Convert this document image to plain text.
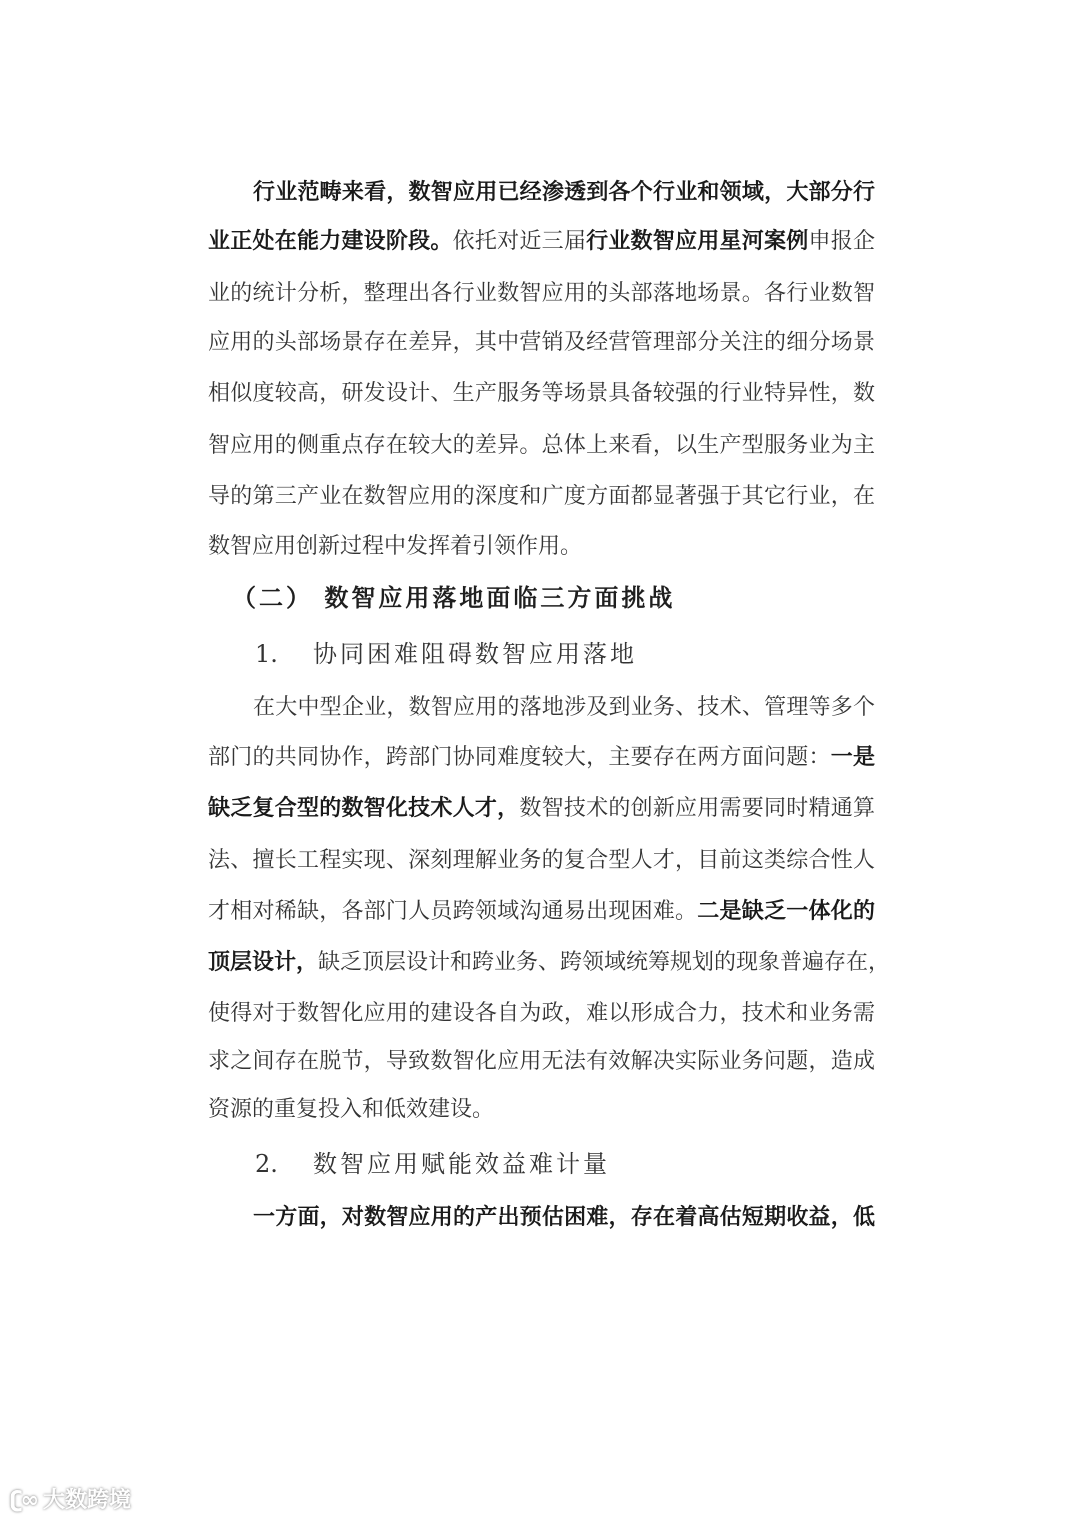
行业范畴来看，数智应用已经渗透到各个行业和领域，大部分行
业正处在能力建设阶段。依托对近三届行业数智应用星河案例申报企
业的统计分析，整理出各行业数智应用的头部落地场景。各行业数智
应用的头部场景存在差异，其中营销及经营管理部分关注的细分场景
相似度较高，研发设计、生产服务等场景具备较强的行业特异性，数
智应用的侧重点存在较大的差异。总体上来看，以生产型服务业为主
导的第三产业在数智应用的深度和广度方面都显著强于其它行业，在
数智应用创新过程中发挥着引领作用。
（二） 数智应用落地面临三方面挑战
1. 协同困难阻碍数智应用落地
在大中型企业，数智应用的落地涉及到业务、技术、管理等多个
部门的共同协作，跨部门协同难度较大，主要存在两方面问题：一是
缺乏复合型的数智化技术人才，数智技术的创新应用需要同时精通算
法、擅长工程实现、深刻理解业务的复合型人才，目前这类综合性人
才相对稀缺，各部门人员跨领域沟通易出现困难。二是缺乏一体化的
顶层设计，缺乏顶层设计和跨业务、跨领域统筹规划的现象普遍存在，
使得对于数智化应用的建设各自为政，难以形成合力，技术和业务需
求之间存在脱节，导致数智化应用无法有效解决实际业务问题，造成
资源的重复投入和低效建设。
2. 数智应用赋能效益难计量
一方面，对数智应用的产出预估困难，存在着高估短期收益，低
ʗ∞ 大数跨境
